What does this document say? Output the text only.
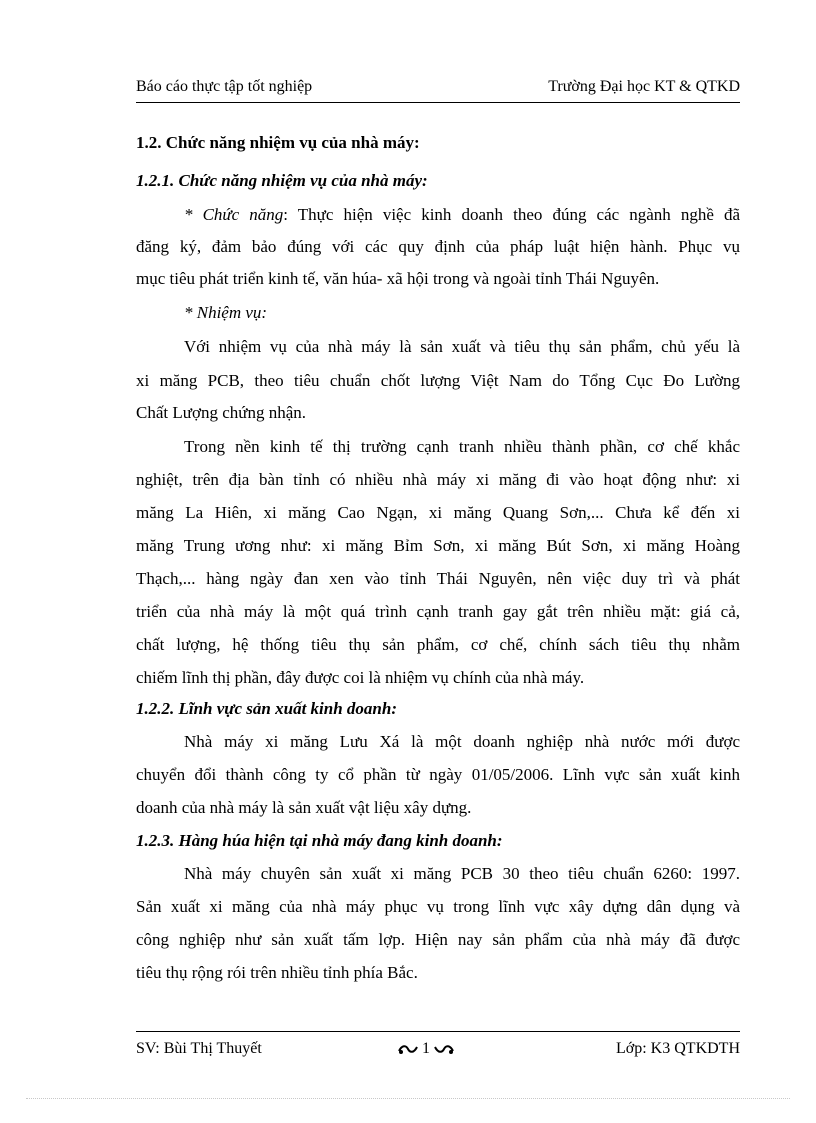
Báo cáo thực tập tốt nghiệp	Trường Đại học KT & QTKD
1.2. Chức năng nhiệm vụ của nhà máy:
1.2.1. Chức năng nhiệm vụ của nhà máy:
* Chức năng: Thực hiện việc kinh doanh theo đúng các ngành nghề đã
đăng ký, đảm bảo đúng với các quy định của pháp luật hiện hành. Phục vụ
mục tiêu phát triển kinh tế, văn húa- xã hội trong và ngoài tỉnh Thái Nguyên.
* Nhiệm vụ:
Với nhiệm vụ của nhà máy là sản xuất và tiêu thụ sản phẩm, chủ yếu là
xi măng PCB, theo tiêu chuẩn chốt lượng Việt Nam do Tổng Cục Đo Lường
Chất Lượng chứng nhận.
Trong nền kinh tế thị trường cạnh tranh nhiều thành phần, cơ chế khắc
nghiệt, trên địa bàn tỉnh có nhiều nhà máy xi măng đi vào hoạt động như: xi
măng La Hiên, xi măng Cao Ngạn, xi măng Quang Sơn,... Chưa kể đến xi
măng Trung ương như: xi măng Bỉm Sơn, xi măng Bút Sơn, xi măng Hoàng
Thạch,... hàng ngày đan xen vào tỉnh Thái Nguyên, nên việc duy trì và phát
triển của nhà máy là một quá trình cạnh tranh gay gắt trên nhiều mặt: giá cả,
chất lượng, hệ thống tiêu thụ sản phẩm, cơ chế, chính sách tiêu thụ nhằm
chiếm lĩnh thị phần, đây được coi là nhiệm vụ chính của nhà máy.
1.2.2. Lĩnh vực sản xuất kinh doanh:
Nhà máy xi măng Lưu Xá là một doanh nghiệp nhà nước mới được
chuyển đổi thành công ty cổ phần từ ngày 01/05/2006. Lĩnh vực sản xuất kinh
doanh của nhà máy là sản xuất vật liệu xây dựng.
1.2.3. Hàng húa hiện tại nhà máy đang kinh doanh:
Nhà máy chuyên sản xuất xi măng PCB 30 theo tiêu chuẩn 6260: 1997.
Sản xuất xi măng của nhà máy phục vụ trong lĩnh vực xây dựng dân dụng và
công nghiệp như sản xuất tấm lợp. Hiện nay sản phẩm của nhà máy đã được
tiêu thụ rộng rói trên nhiều tỉnh phía Bắc.
SV: Bùi Thị Thuyết	1	Lớp: K3 QTKDTH
